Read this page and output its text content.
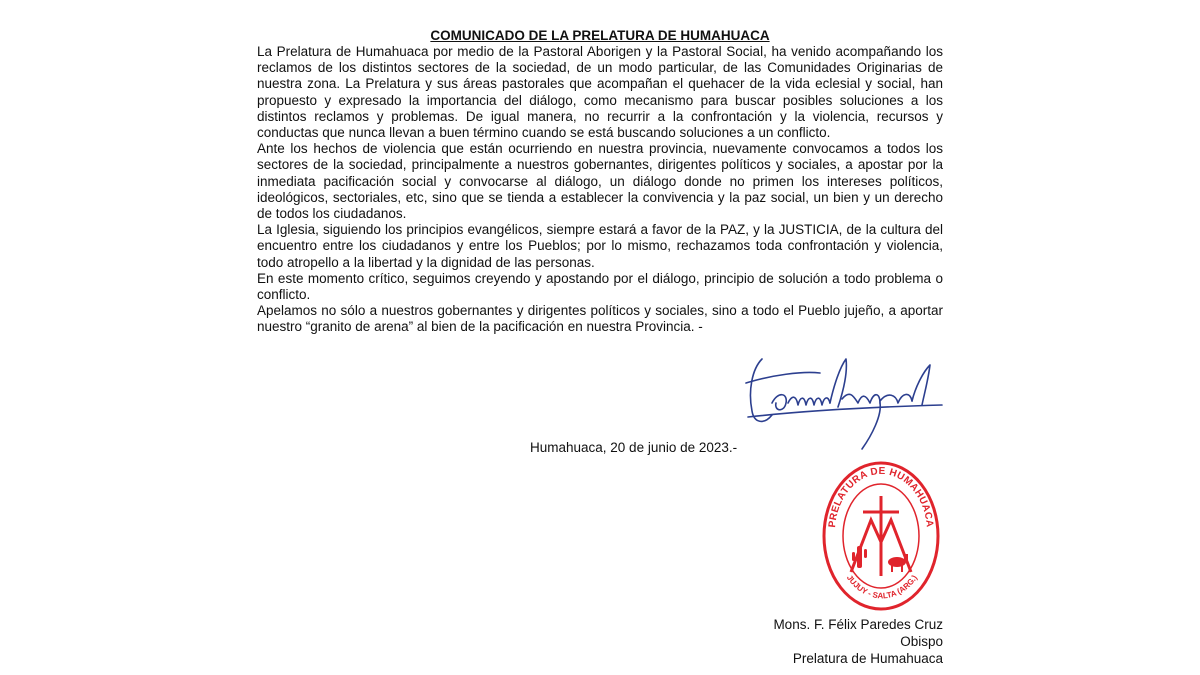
COMUNICADO DE LA PRELATURA DE HUMAHUACA

La Prelatura de Humahuaca por medio de la Pastoral Aborigen y la Pastoral Social, ha venido acompañando los reclamos de los distintos sectores de la sociedad, de un modo particular, de las Comunidades Originarias de nuestra zona. La Prelatura y sus áreas pastorales que acompañan el quehacer de la vida eclesial y social, han propuesto y expresado la importancia del diálogo, como mecanismo para buscar posibles soluciones a los distintos reclamos y problemas. De igual manera, no recurrir a la confrontación y la violencia, recursos y conductas que nunca llevan a buen término cuando se está buscando soluciones a un conflicto.

Ante los hechos de violencia que están ocurriendo en nuestra provincia, nuevamente convocamos a todos los sectores de la sociedad, principalmente a nuestros gobernantes, dirigentes políticos y sociales, a apostar por la inmediata pacificación social y convocarse al diálogo, un diálogo donde no primen los intereses políticos, ideológicos, sectoriales, etc, sino que se tienda a establecer la convivencia y la paz social, un bien y un derecho de todos los ciudadanos.

La Iglesia, siguiendo los principios evangélicos, siempre estará a favor de la PAZ, y la JUSTICIA, de la cultura del encuentro entre los ciudadanos y entre los Pueblos; por lo mismo, rechazamos toda confrontación y violencia, todo atropello a la libertad y la dignidad de las personas.

En este momento crítico, seguimos creyendo y apostando por el diálogo, principio de solución a todo problema o conflicto.

Apelamos no sólo a nuestros gobernantes y dirigentes políticos y sociales, sino a todo el Pueblo jujeño, a aportar nuestro “granito de arena” al bien de la pacificación en nuestra Provincia. -

Humahuaca, 20 de junio de 2023.-
PRELATURA DE HUMAHUACA
JUJUY - SALTA (ARG.)
Mons. F. Félix Paredes Cruz
Obispo
Prelatura de Humahuaca
